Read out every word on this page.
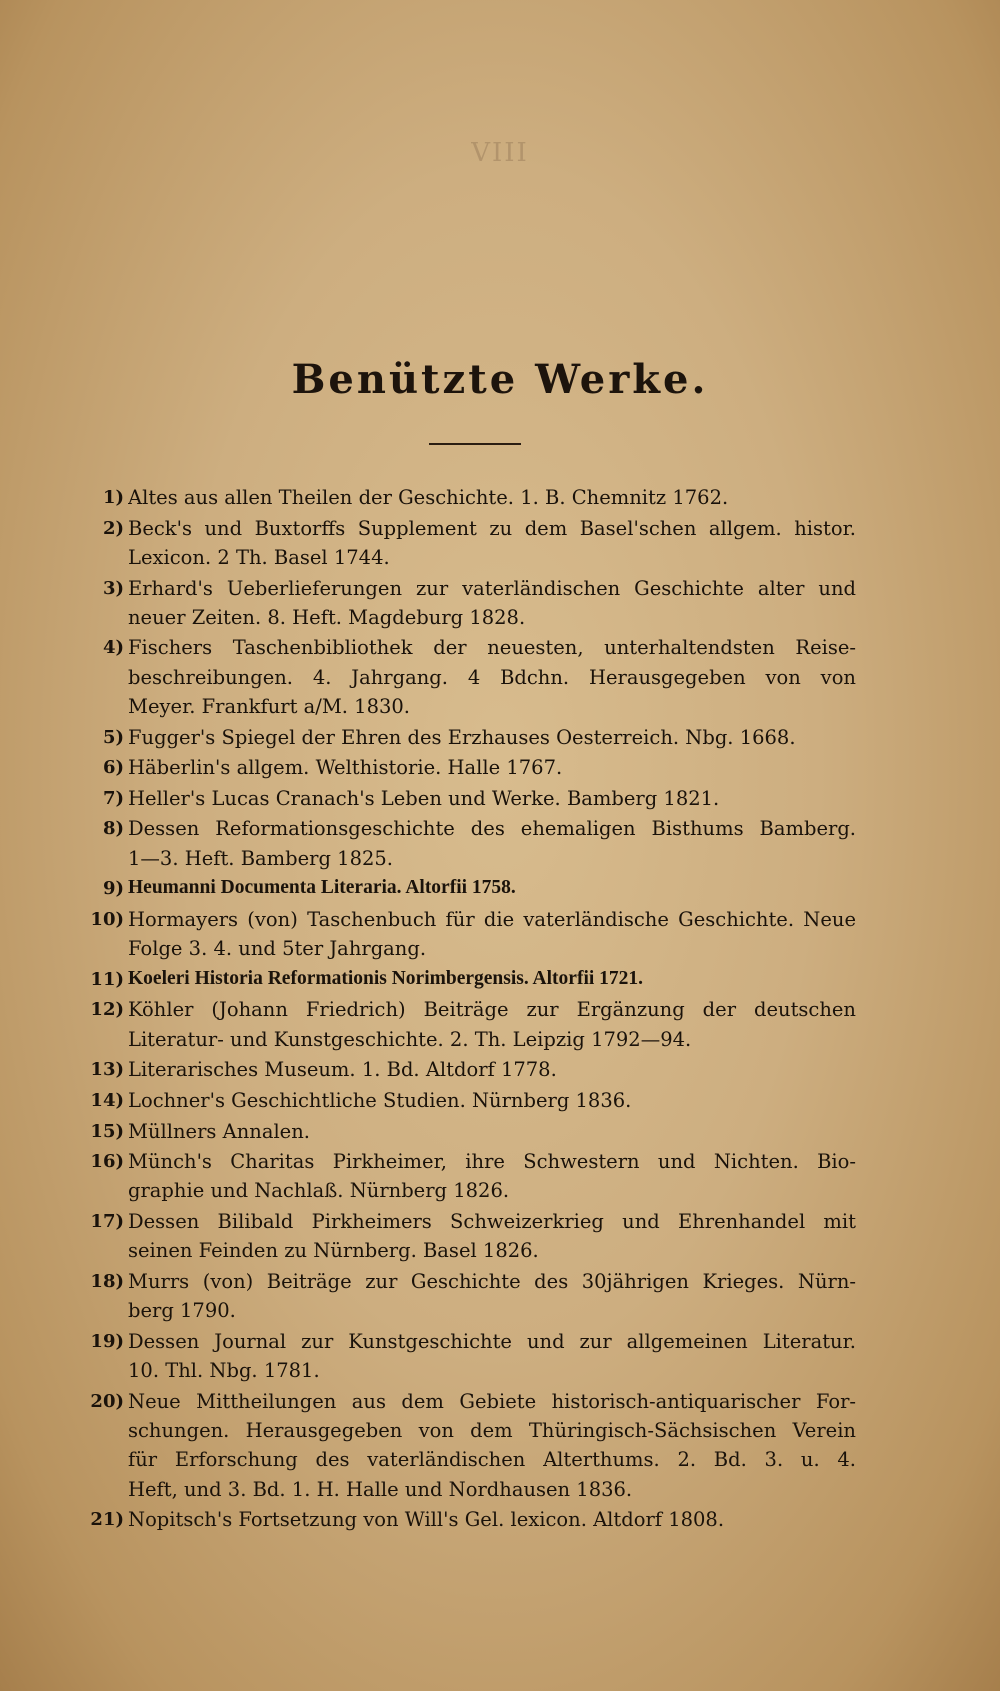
VIII
Benützte Werke.
1) Altes aus allen Theilen der Geschichte. 1. B. Chemnitz 1762.
2) Beck's und Buxtorffs Supplement zu dem Basel'schen allgem. histor.
Lexicon. 2 Th. Basel 1744.
3) Erhard's Ueberlieferungen zur vaterländischen Geschichte alter und
neuer Zeiten. 8. Heft. Magdeburg 1828.
4) Fischers Taschenbibliothek der neuesten, unterhaltendsten Reise-
beschreibungen. 4. Jahrgang. 4 Bdchn. Herausgegeben von von
Meyer. Frankfurt a/M. 1830.
5) Fugger's Spiegel der Ehren des Erzhauses Oesterreich. Nbg. 1668.
6) Häberlin's allgem. Welthistorie. Halle 1767.
7) Heller's Lucas Cranach's Leben und Werke. Bamberg 1821.
8) Dessen Reformationsgeschichte des ehemaligen Bisthums Bamberg.
1—3. Heft. Bamberg 1825.
9) Heumanni Documenta Literaria. Altorfii 1758.
10) Hormayers (von) Taschenbuch für die vaterländische Geschichte. Neue
Folge 3. 4. und 5ter Jahrgang.
11) Koeleri Historia Reformationis Norimbergensis. Altorfii 1721.
12) Köhler (Johann Friedrich) Beiträge zur Ergänzung der deutschen
Literatur- und Kunstgeschichte. 2. Th. Leipzig 1792—94.
13) Literarisches Museum. 1. Bd. Altdorf 1778.
14) Lochner's Geschichtliche Studien. Nürnberg 1836.
15) Müllners Annalen.
16) Münch's Charitas Pirkheimer, ihre Schwestern und Nichten. Bio-
graphie und Nachlaß. Nürnberg 1826.
17) Dessen Bilibald Pirkheimers Schweizerkrieg und Ehrenhandel mit
seinen Feinden zu Nürnberg. Basel 1826.
18) Murrs (von) Beiträge zur Geschichte des 30jährigen Krieges. Nürn-
berg 1790.
19) Dessen Journal zur Kunstgeschichte und zur allgemeinen Literatur.
10. Thl. Nbg. 1781.
20) Neue Mittheilungen aus dem Gebiete historisch-antiquarischer For-
schungen. Herausgegeben von dem Thüringisch-Sächsischen Verein
für Erforschung des vaterländischen Alterthums. 2. Bd. 3. u. 4.
Heft, und 3. Bd. 1. H. Halle und Nordhausen 1836.
21) Nopitsch's Fortsetzung von Will's Gel. lexicon. Altdorf 1808.
